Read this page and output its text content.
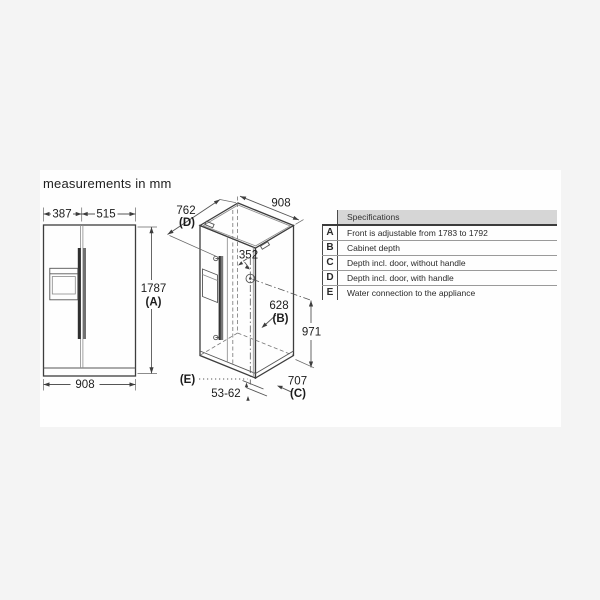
measurements in mm
387 515
1787
(A)
908
762
(D)
908
352
628
(B)
971
707
(C)
53-62
(E)
Specifications
A	Front is adjustable from 1783 to 1792
B	Cabinet depth
C	Depth incl. door, without handle
D	Depth incl. door, with handle
E	Water connection to the appliance
